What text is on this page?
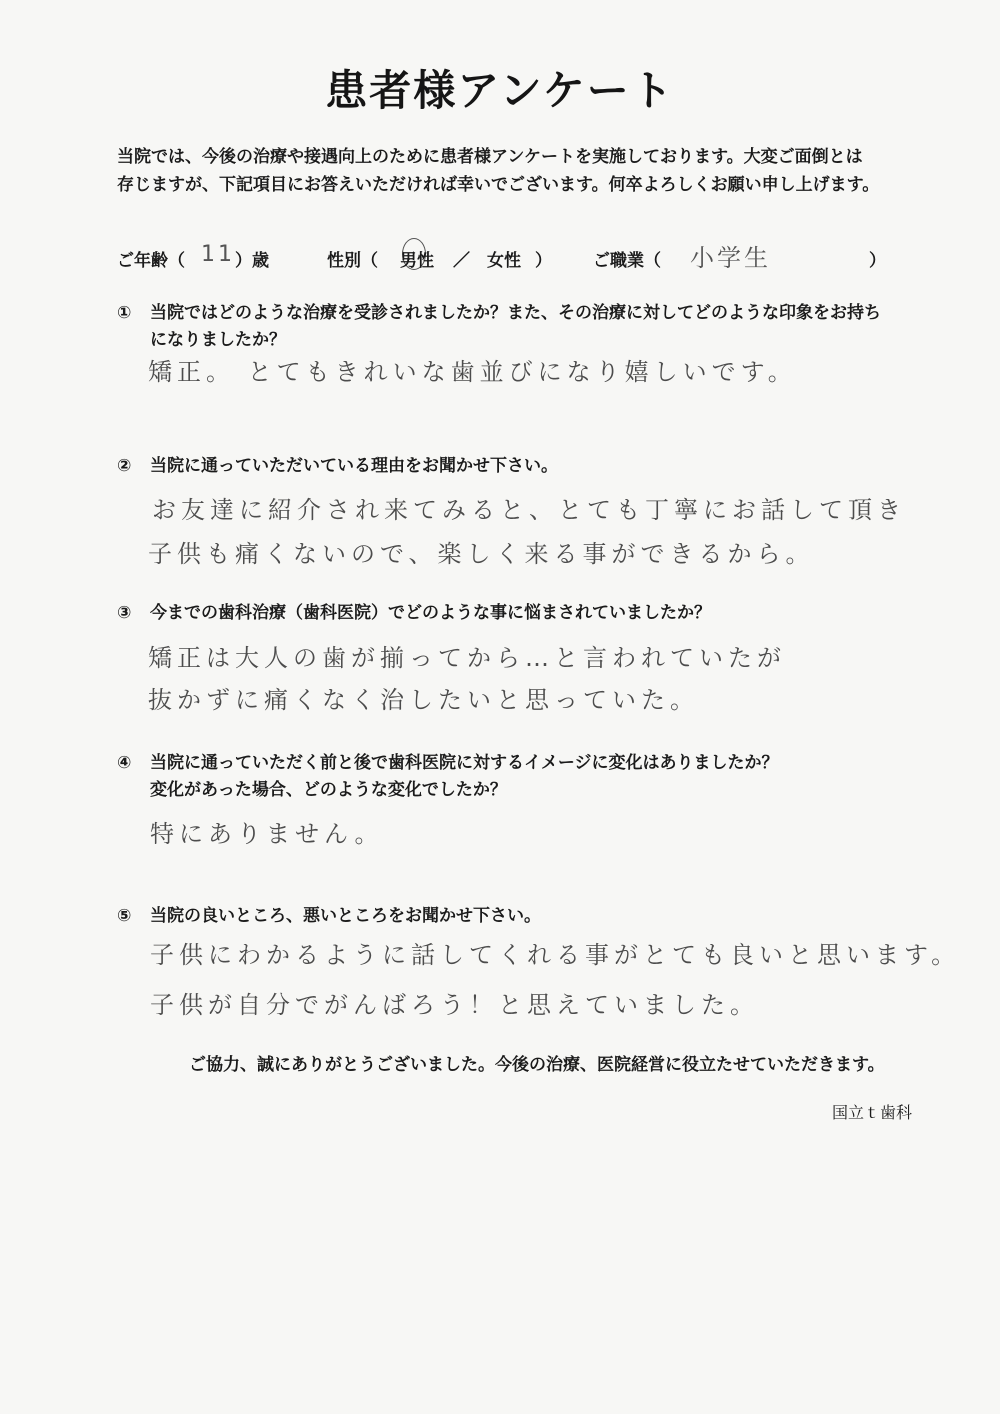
患者様アンケート
当院では、今後の治療や接遇向上のために患者様アンケートを実施しております。大変ご面倒とは
存じますが、下記項目にお答えいただければ幸いでございます。何卒よろしくお願い申し上げます。
ご年齢（ 11 ）歳	性別（ 男性 ／ 女性 ） ご職業（ 小学生	）
① 当院ではどのような治療を受診されましたか？また、その治療に対してどのような印象をお持ち
になりましたか？
矯正。 とてもきれいな歯並びになり嬉しいです。
② 当院に通っていただいている理由をお聞かせ下さい。
お友達に紹介され来てみると、とても丁寧にお話して頂き
子供も痛くないので、楽しく来る事ができるから。
③ 今までの歯科治療（歯科医院）でどのような事に悩まされていましたか？
矯正は大人の歯が揃ってから…と言われていたが
抜かずに痛くなく治したいと思っていた。
④ 当院に通っていただく前と後で歯科医院に対するイメージに変化はありましたか？
変化があった場合、どのような変化でしたか？
特にありません。
⑤ 当院の良いところ、悪いところをお聞かせ下さい。
子供にわかるように話してくれる事がとても良いと思います。
子供が自分でがんばろう！と思えていました。
ご協力、誠にありがとうございました。今後の治療、医院経営に役立たせていただきます。
国立ｔ歯科
